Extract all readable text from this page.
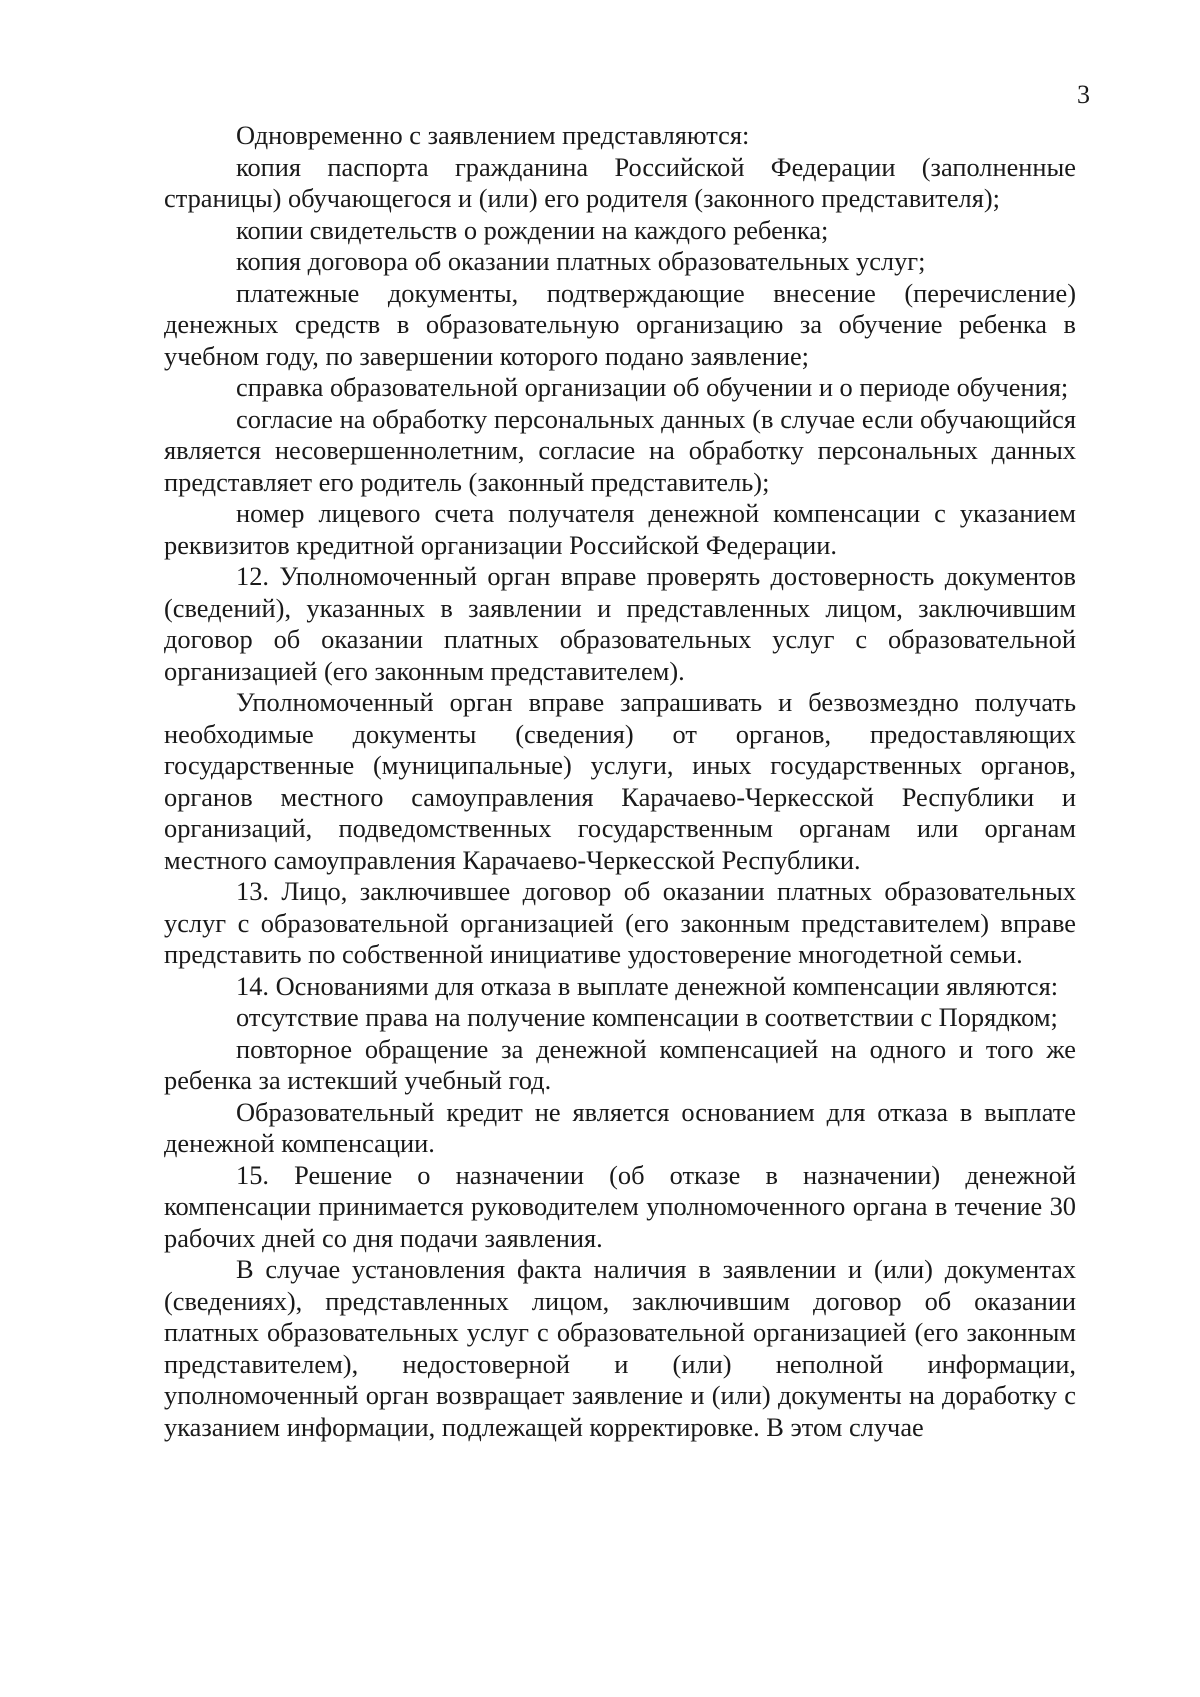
3

Одновременно с заявлением представляются:

копия паспорта гражданина Российской Федерации (заполненные страницы) обучающегося и (или) его родителя (законного представителя);

копии свидетельств о рождении на каждого ребенка;

копия договора об оказании платных образовательных услуг;

платежные документы, подтверждающие внесение (перечисление) денежных средств в образовательную организацию за обучение ребенка в учебном году, по завершении которого подано заявление;

справка образовательной организации об обучении и о периоде обучения;

согласие на обработку персональных данных (в случае если обучающийся является несовершеннолетним, согласие на обработку персональных данных представляет его родитель (законный представитель);

номер лицевого счета получателя денежной компенсации с указанием реквизитов кредитной организации Российской Федерации.

12. Уполномоченный орган вправе проверять достоверность документов (сведений), указанных в заявлении и представленных лицом, заключившим договор об оказании платных образовательных услуг с образовательной организацией (его законным представителем).

Уполномоченный орган вправе запрашивать и безвозмездно получать необходимые документы (сведения) от органов, предоставляющих государственные (муниципальные) услуги, иных государственных органов, органов местного самоуправления Карачаево-Черкесской Республики и организаций, подведомственных государственным органам или органам местного самоуправления Карачаево-Черкесской Республики.

13. Лицо, заключившее договор об оказании платных образовательных услуг с образовательной организацией (его законным представителем) вправе представить по собственной инициативе удостоверение многодетной семьи.

14. Основаниями для отказа в выплате денежной компенсации являются:

отсутствие права на получение компенсации в соответствии с Порядком;

повторное обращение за денежной компенсацией на одного и того же ребенка за истекший учебный год.

Образовательный кредит не является основанием для отказа в выплате денежной компенсации.

15. Решение о назначении (об отказе в назначении) денежной компенсации принимается руководителем уполномоченного органа в течение 30 рабочих дней со дня подачи заявления.

В случае установления факта наличия в заявлении и (или) документах (сведениях), представленных лицом, заключившим договор об оказании платных образовательных услуг с образовательной организацией (его законным представителем), недостоверной и (или) неполной информации, уполномоченный орган возвращает заявление и (или) документы на доработку с указанием информации, подлежащей корректировке. В этом случае
